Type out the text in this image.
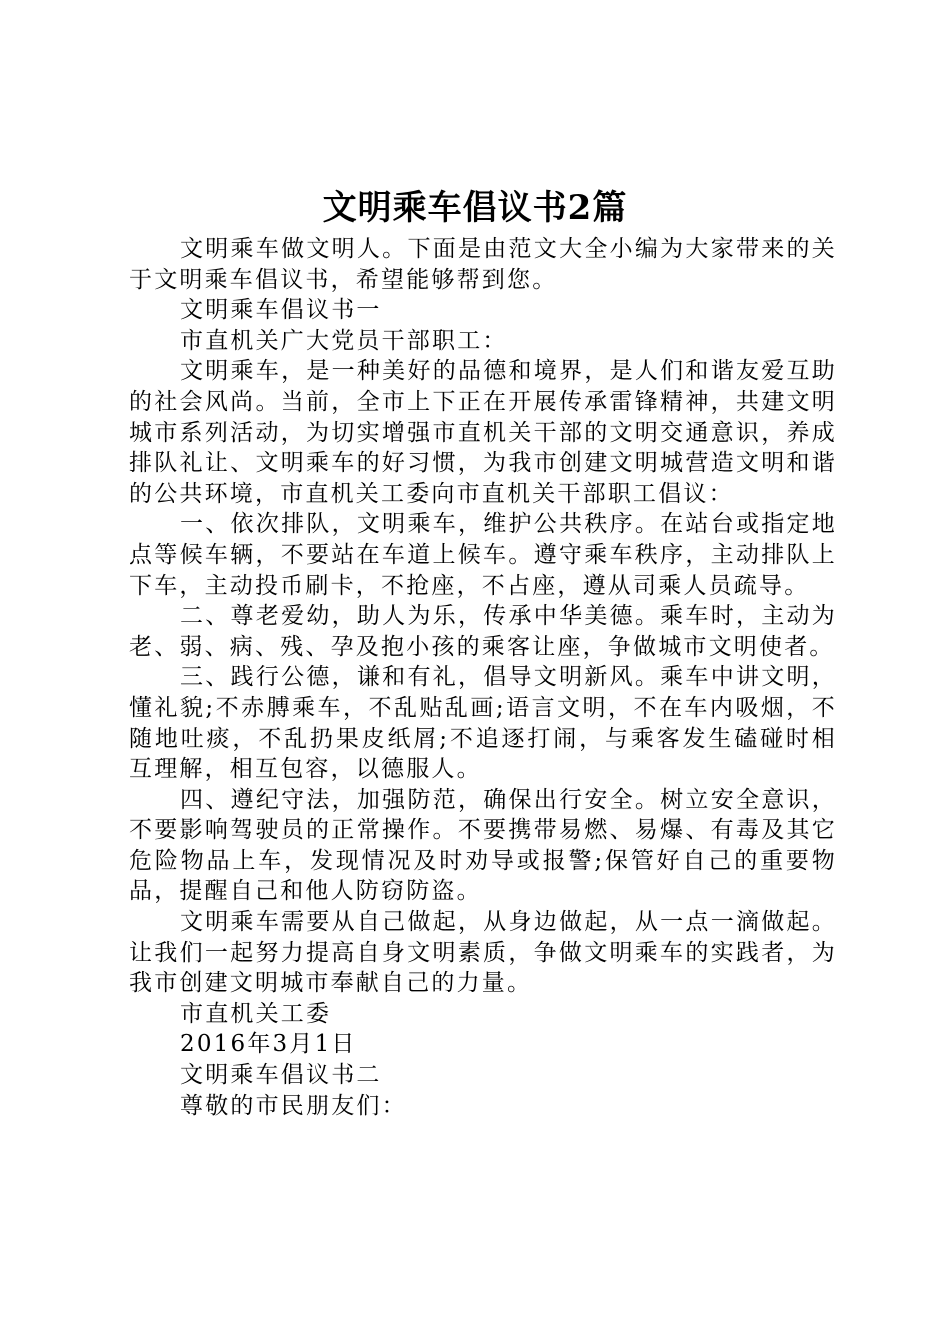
文明乘车倡议书2篇

文明乘车做文明人。下面是由范文大全小编为大家带来的关于文明乘车倡议书，希望能够帮到您。

文明乘车倡议书一

市直机关广大党员干部职工：

文明乘车，是一种美好的品德和境界，是人们和谐友爱互助的社会风尚。当前，全市上下正在开展传承雷锋精神，共建文明城市系列活动，为切实增强市直机关干部的文明交通意识，养成排队礼让、文明乘车的好习惯，为我市创建文明城营造文明和谐的公共环境，市直机关工委向市直机关干部职工倡议：

一、依次排队，文明乘车，维护公共秩序。在站台或指定地点等候车辆，不要站在车道上候车。遵守乘车秩序，主动排队上下车，主动投币刷卡，不抢座，不占座，遵从司乘人员疏导。

二、尊老爱幼，助人为乐，传承中华美德。乘车时，主动为老、弱、病、残、孕及抱小孩的乘客让座，争做城市文明使者。

三、践行公德，谦和有礼，倡导文明新风。乘车中讲文明，懂礼貌;不赤膊乘车，不乱贴乱画;语言文明，不在车内吸烟，不随地吐痰，不乱扔果皮纸屑;不追逐打闹，与乘客发生磕碰时相互理解，相互包容，以德服人。

四、遵纪守法，加强防范，确保出行安全。树立安全意识，不要影响驾驶员的正常操作。不要携带易燃、易爆、有毒及其它危险物品上车，发现情况及时劝导或报警;保管好自己的重要物品，提醒自己和他人防窃防盗。

文明乘车需要从自己做起，从身边做起，从一点一滴做起。让我们一起努力提高自身文明素质，争做文明乘车的实践者，为我市创建文明城市奉献自己的力量。

市直机关工委

2016年3月1日

文明乘车倡议书二

尊敬的市民朋友们：
